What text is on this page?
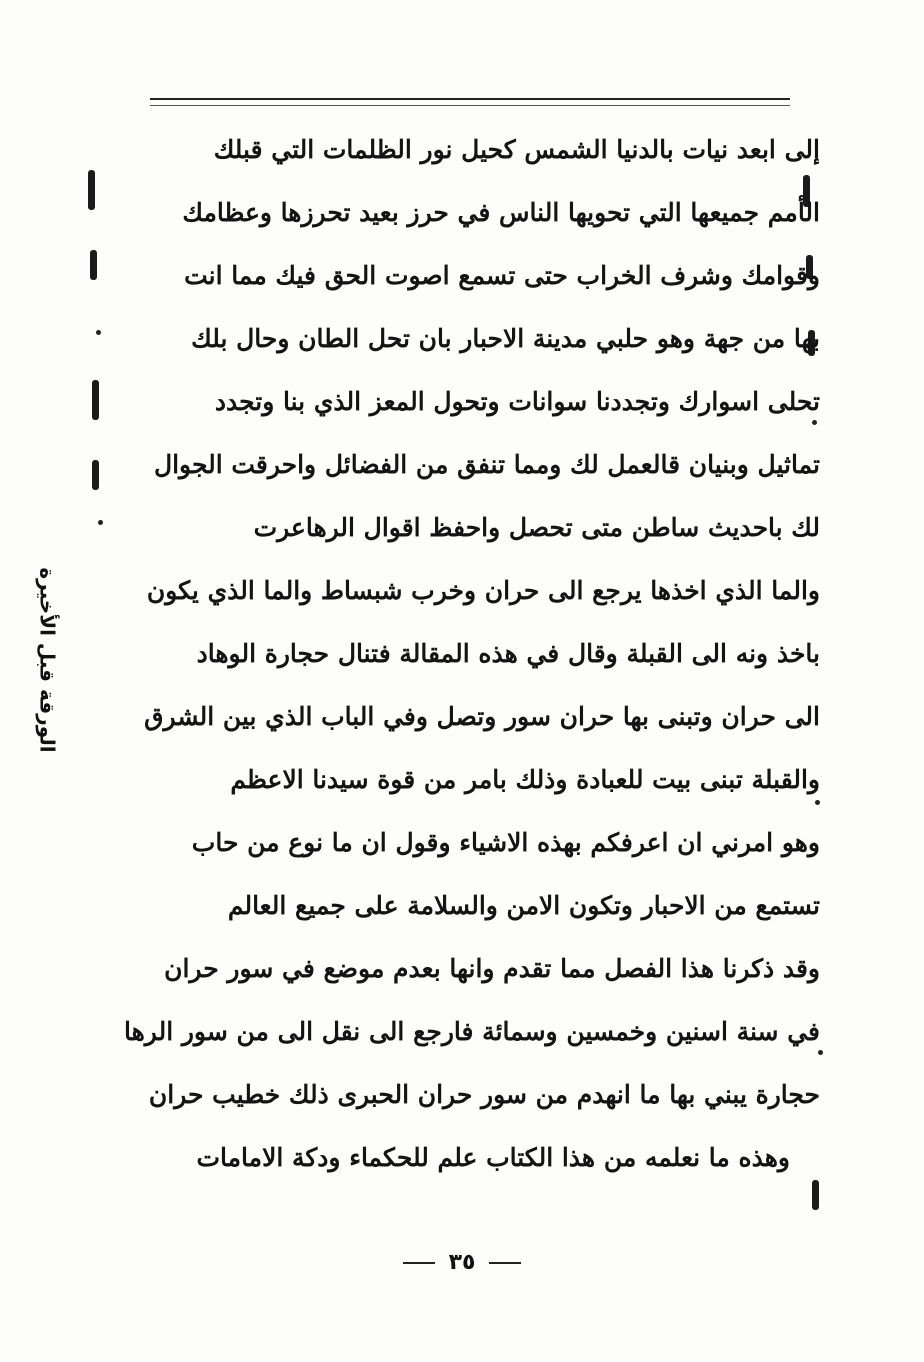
الورقة قبل الأخيرة
إلى ابعد نيات بالدنيا الشمس كحيل نور الظلمات التي قبلك
الأمم جميعها التي تحويها الناس في حرز بعيد تحرزها وعظامك
وقوامك وشرف الخراب حتى تسمع اصوت الحق فيك مما انت
بها من جهة وهو حلبي مدينة الاحبار بان تحل الطان وحال بلك
تحلى اسوارك وتجددنا سوانات وتحول المعز الذي بنا وتجدد
تماثيل وبنيان قالعمل لك ومما تنفق من الفضائل واحرقت الجوال
لك باحديث ساطن متى تحصل واحفظ اقوال الرهاعرت
والما الذي اخذها يرجع الى حران وخرب شبساط والما الذي يكون
باخذ ونه الى القبلة وقال في هذه المقالة فتنال حجارة الوهاد
الى حران وتبنى بها حران سور وتصل وفي الباب الذي بين الشرق
والقبلة تبنى بيت للعبادة وذلك بامر من قوة سيدنا الاعظم
وهو امرني ان اعرفكم بهذه الاشياء وقول ان ما نوع من حاب
تستمع من الاحبار وتكون الامن والسلامة على جميع العالم
وقد ذكرنا هذا الفصل مما تقدم وانها بعدم موضع في سور حران
في سنة اسنين وخمسين وسمائة فارجع الى نقل الى من سور الرها
حجارة يبني بها ما انهدم من سور حران الحبرى ذلك خطيب حران
وهذه ما نعلمه من هذا الكتاب علم للحكماء ودكة الامامات
٣٥
